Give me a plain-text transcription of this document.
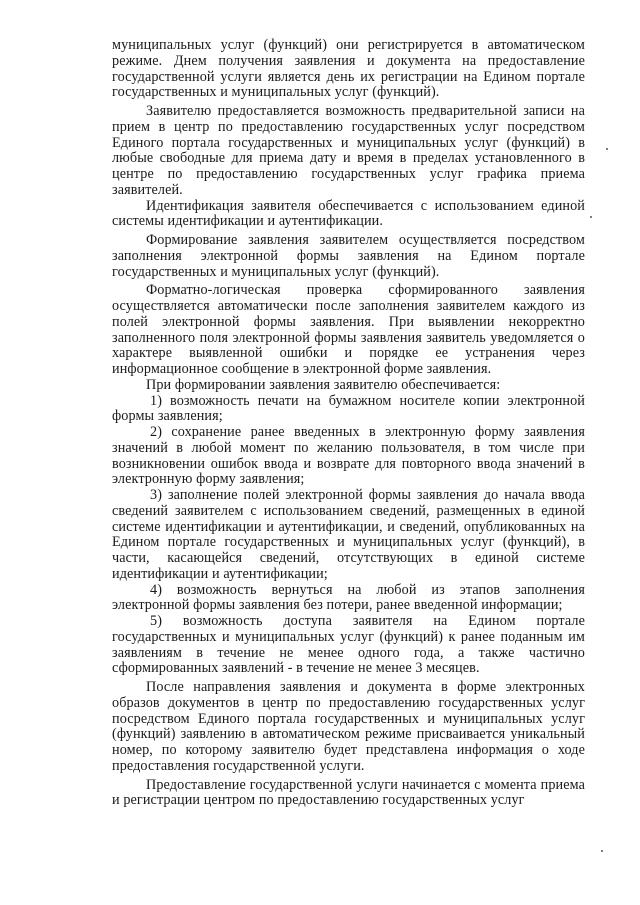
муниципальных услуг (функций) они регистрируется в автоматическом режиме. Днем получения заявления и документа на предоставление государственной услуги является день их регистрации на Едином портале государственных и муниципальных услуг (функций).

Заявителю предоставляется возможность предварительной записи на прием в центр по предоставлению государственных услуг посредством Единого портала государственных и муниципальных услуг (функций) в любые свободные для приема дату и время в пределах установленного в центре по предоставлению государственных услуг графика приема заявителей.

Идентификация заявителя обеспечивается с использованием единой системы идентификации и аутентификации.

Формирование заявления заявителем осуществляется посредством заполнения электронной формы заявления на Едином портале государственных и муниципальных услуг (функций).

Форматно-логическая проверка сформированного заявления осуществляется автоматически после заполнения заявителем каждого из полей электронной формы заявления. При выявлении некорректно заполненного поля электронной формы заявления заявитель уведомляется о характере выявленной ошибки и порядке ее устранения через информационное сообщение в электронной форме заявления.

При формировании заявления заявителю обеспечивается:

1) возможность печати на бумажном носителе копии электронной формы заявления;

2) сохранение ранее введенных в электронную форму заявления значений в любой момент по желанию пользователя, в том числе при возникновении ошибок ввода и возврате для повторного ввода значений в электронную форму заявления;

3) заполнение полей электронной формы заявления до начала ввода сведений заявителем с использованием сведений, размещенных в единой системе идентификации и аутентификации, и сведений, опубликованных на Едином портале государственных и муниципальных услуг (функций), в части, касающейся сведений, отсутствующих в единой системе идентификации и аутентификации;

4) возможность вернуться на любой из этапов заполнения электронной формы заявления без потери, ранее введенной информации;

5) возможность доступа заявителя на Едином портале государственных и муниципальных услуг (функций) к ранее поданным им заявлениям в течение не менее одного года, а также частично сформированных заявлений - в течение не менее 3 месяцев.

После направления заявления и документа в форме электронных образов документов в центр по предоставлению государственных услуг посредством Единого портала государственных и муниципальных услуг (функций) заявлению в автоматическом режиме присваивается уникальный номер, по которому заявителю будет представлена информация о ходе предоставления государственной услуги.

Предоставление государственной услуги начинается с момента приема и регистрации центром по предоставлению государственных услуг
